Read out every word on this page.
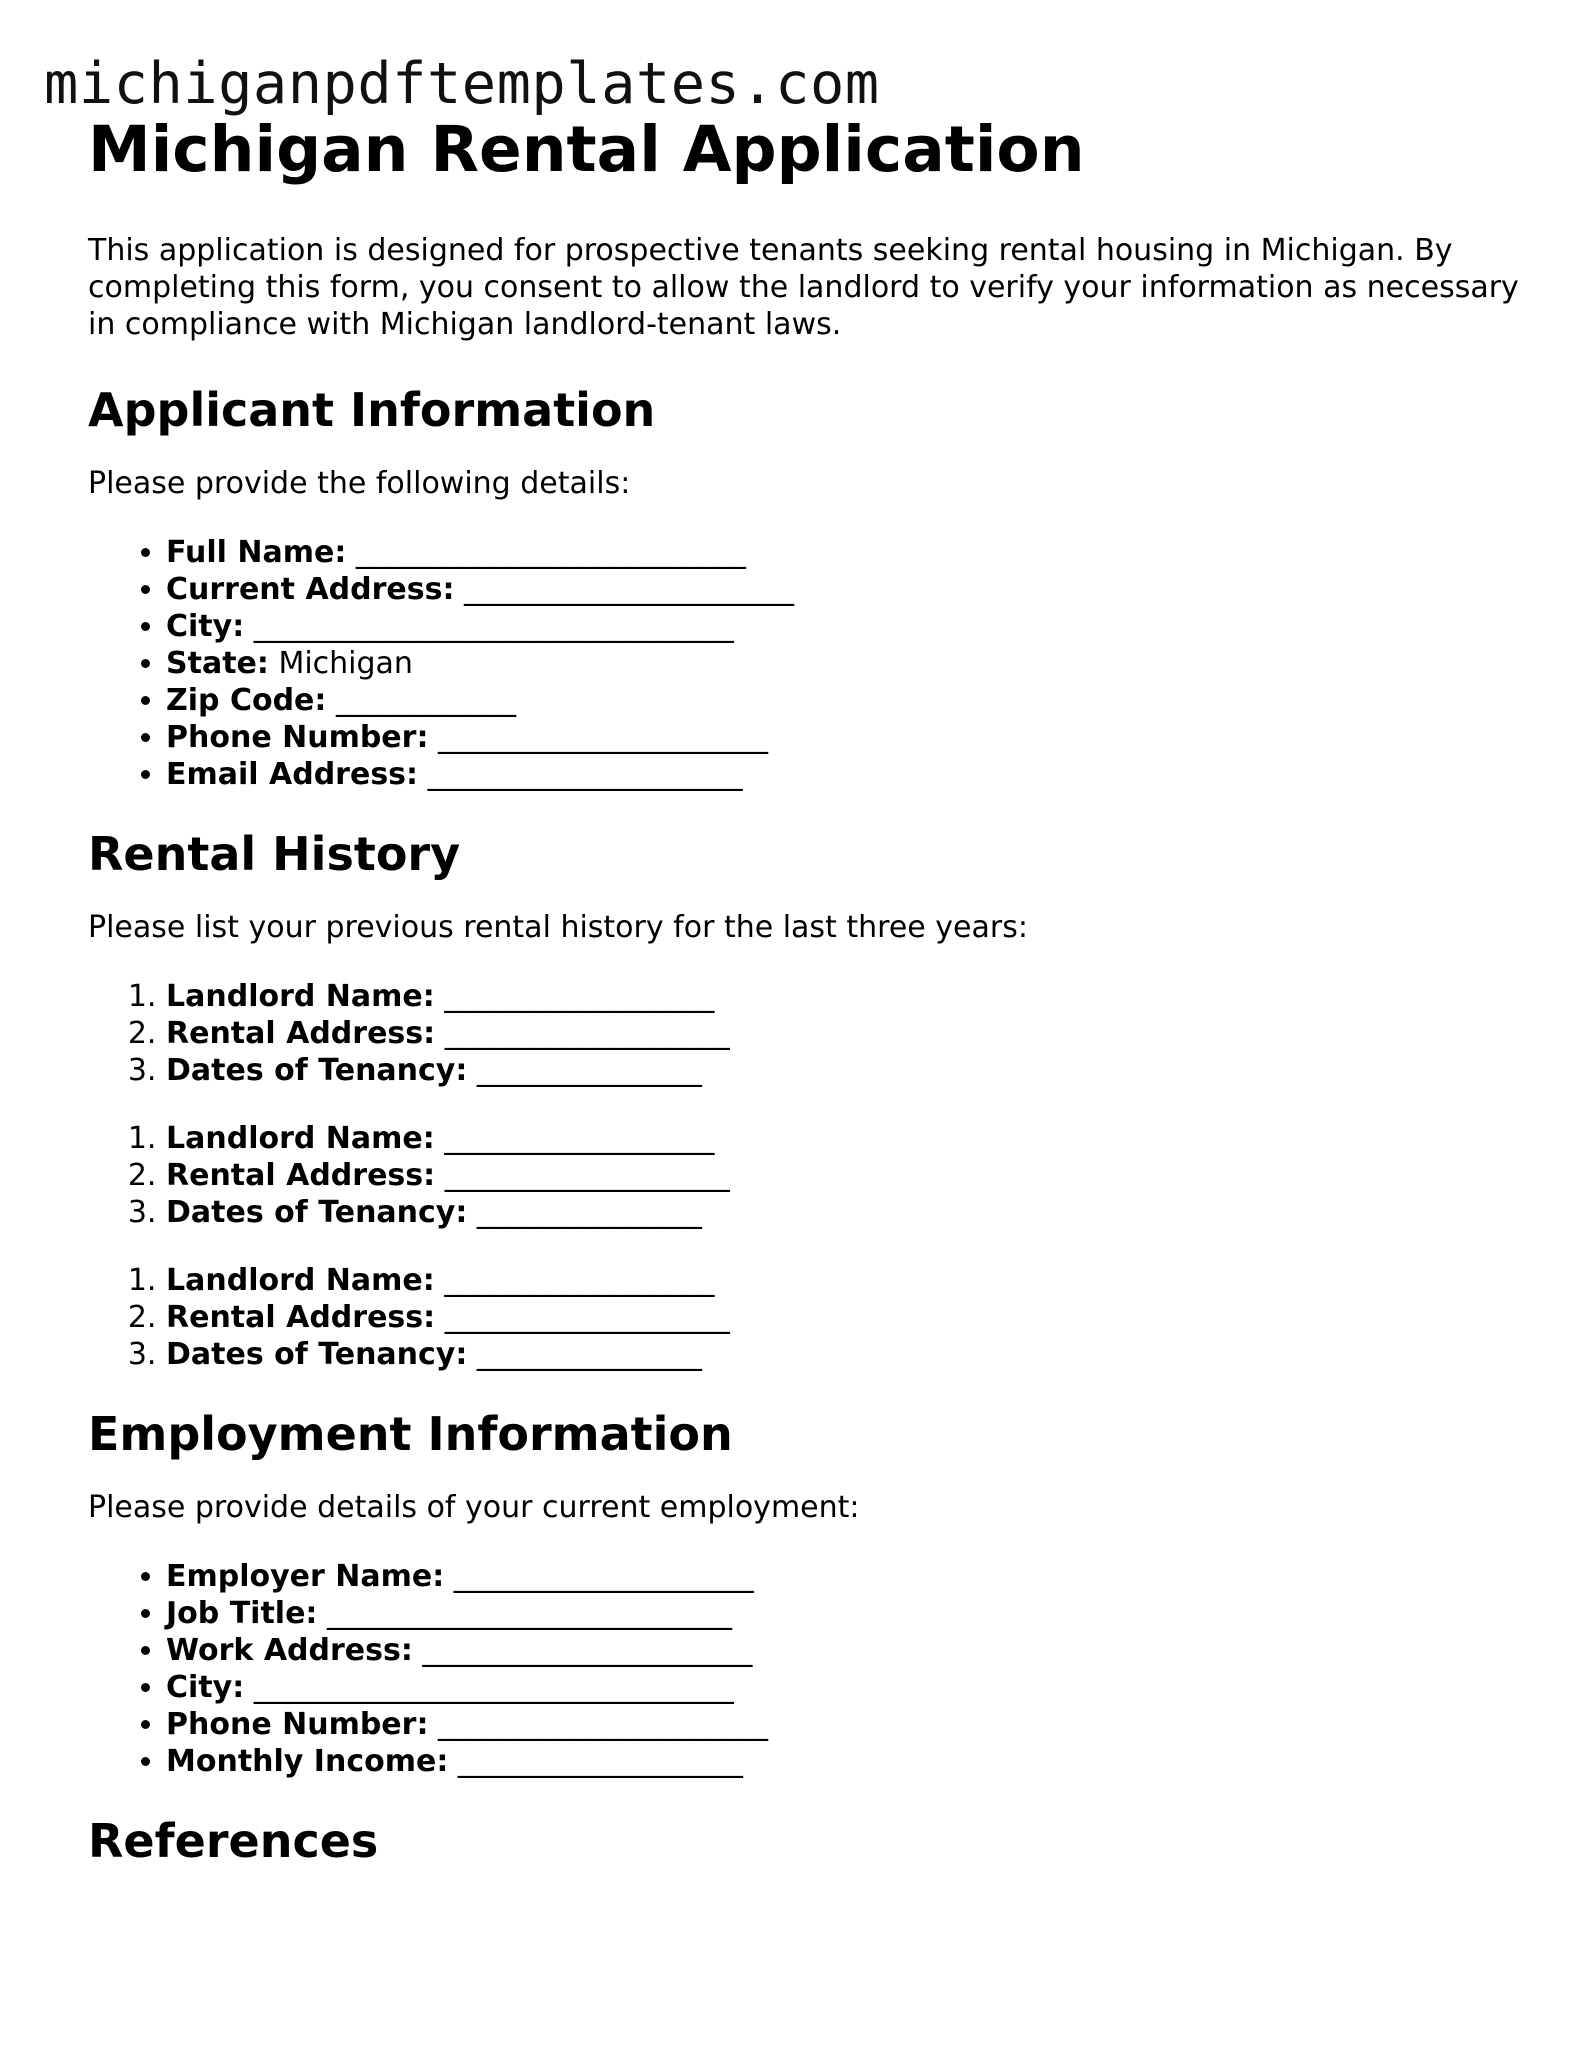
michiganpdftemplates.com
Michigan Rental Application

This application is designed for prospective tenants seeking rental housing in Michigan. By completing this form, you consent to allow the landlord to verify your information as necessary in compliance with Michigan landlord-tenant laws.

Applicant Information

Please provide the following details:

• Full Name: __________________________
• Current Address: ______________________
• City: ________________________________
• State: Michigan
• Zip Code: ____________
• Phone Number: ______________________
• Email Address: _____________________
Rental History

Please list your previous rental history for the last three years:

1. Landlord Name: __________________
2. Rental Address: ___________________
3. Dates of Tenancy: _______________
1. Landlord Name: __________________
2. Rental Address: ___________________
3. Dates of Tenancy: _______________
1. Landlord Name: __________________
2. Rental Address: ___________________
3. Dates of Tenancy: _______________
Employment Information

Please provide details of your current employment:

• Employer Name: ____________________
• Job Title: ___________________________
• Work Address: ______________________
• City: ________________________________
• Phone Number: ______________________
• Monthly Income: ___________________
References
